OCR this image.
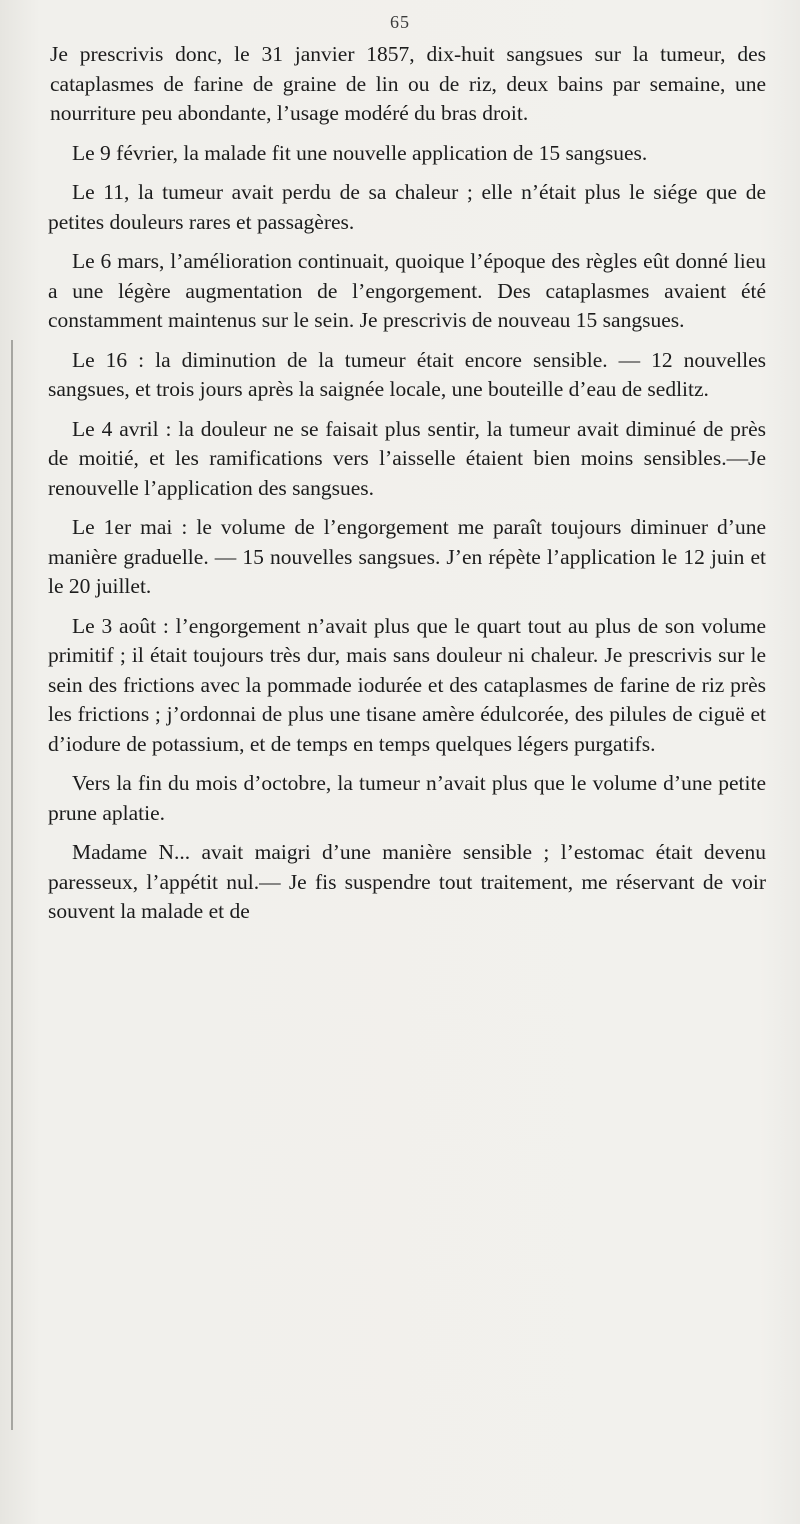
65

Je prescrivis donc, le 31 janvier 1857, dix-huit sangsues sur la tumeur, des cataplasmes de farine de graine de lin ou de riz, deux bains par semaine, une nourriture peu abondante, l’usage modéré du bras droit.

Le 9 février, la malade fit une nouvelle application de 15 sangsues.

Le 11, la tumeur avait perdu de sa chaleur ; elle n’était plus le siége que de petites douleurs rares et passagères.

Le 6 mars, l’amélioration continuait, quoique l’époque des règles eût donné lieu a une légère augmentation de l’engorgement. Des cataplasmes avaient été constamment maintenus sur le sein. Je prescrivis de nouveau 15 sangsues.

Le 16 : la diminution de la tumeur était encore sensible. — 12 nouvelles sangsues, et trois jours après la saignée locale, une bouteille d’eau de sedlitz.

Le 4 avril : la douleur ne se faisait plus sentir, la tumeur avait diminué de près de moitié, et les ramifications vers l’aisselle étaient bien moins sensibles.—Je renouvelle l’application des sangsues.

Le 1er mai : le volume de l’engorgement me paraît toujours diminuer d’une manière graduelle. — 15 nouvelles sangsues. J’en répète l’application le 12 juin et le 20 juillet.

Le 3 août : l’engorgement n’avait plus que le quart tout au plus de son volume primitif ; il était toujours très dur, mais sans douleur ni chaleur. Je prescrivis sur le sein des frictions avec la pommade iodurée et des cataplasmes de farine de riz près les frictions ; j’ordonnai de plus une tisane amère édulcorée, des pilules de ciguë et d’iodure de potassium, et de temps en temps quelques légers purgatifs.

Vers la fin du mois d’octobre, la tumeur n’avait plus que le volume d’une petite prune aplatie.

Madame N... avait maigri d’une manière sensible ; l’estomac était devenu paresseux, l’appétit nul.— Je fis suspendre tout traitement, me réservant de voir souvent la malade et de
